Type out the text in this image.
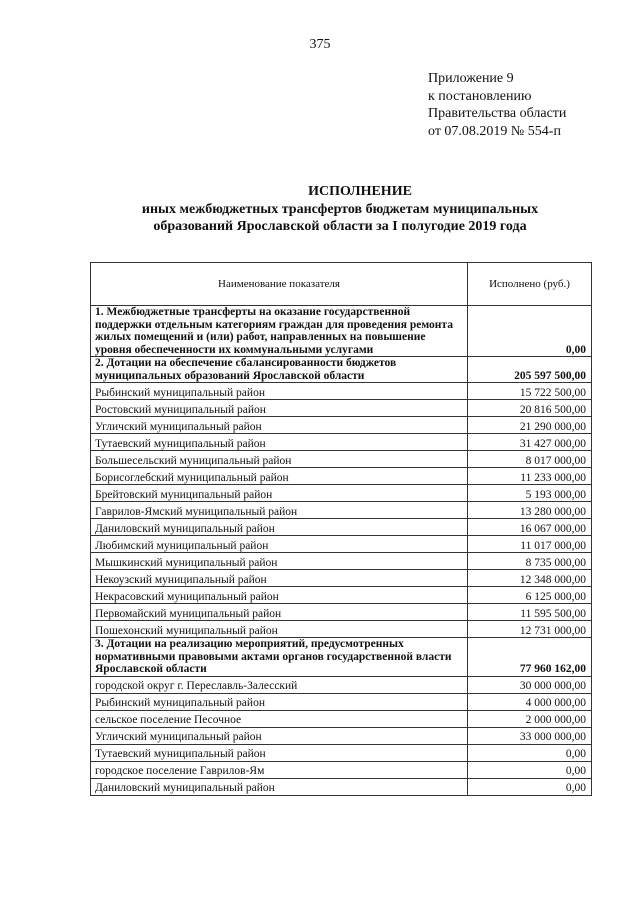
375
Приложение 9
к постановлению
Правительства области
от 07.08.2019 № 554-п
ИСПОЛНЕНИЕ
иных межбюджетных трансфертов бюджетам муниципальных
образований Ярославской области за I полугодие 2019 года
Наименование показателя	Исполнено (руб.)
1. Межбюджетные трансферты на оказание государственной поддержки отдельным категориям граждан для проведения ремонта жилых помещений и (или) работ, направленных на повышение уровня обеспеченности их коммунальными услугами	0,00
2. Дотации на обеспечение сбалансированности бюджетов муниципальных образований Ярославской области	205 597 500,00
Рыбинский муниципальный район	15 722 500,00
Ростовский муниципальный район	20 816 500,00
Угличский муниципальный район	21 290 000,00
Тутаевский муниципальный район	31 427 000,00
Большесельский муниципальный район	8 017 000,00
Борисоглебский муниципальный район	11 233 000,00
Брейтовский муниципальный район	5 193 000,00
Гаврилов-Ямский муниципальный район	13 280 000,00
Даниловский муниципальный район	16 067 000,00
Любимский муниципальный район	11 017 000,00
Мышкинский муниципальный район	8 735 000,00
Некоузский муниципальный район	12 348 000,00
Некрасовский муниципальный район	6 125 000,00
Первомайский муниципальный район	11 595 500,00
Пошехонский муниципальный район	12 731 000,00
3. Дотации на реализацию мероприятий, предусмотренных нормативными правовыми актами органов государственной власти Ярославской области	77 960 162,00
городской округ г. Переславль-Залесский	30 000 000,00
Рыбинский муниципальный район	4 000 000,00
сельское поселение Песочное	2 000 000,00
Угличский муниципальный район	33 000 000,00
Тутаевский муниципальный район	0,00
городское поселение Гаврилов-Ям	0,00
Даниловский муниципальный район	0,00
